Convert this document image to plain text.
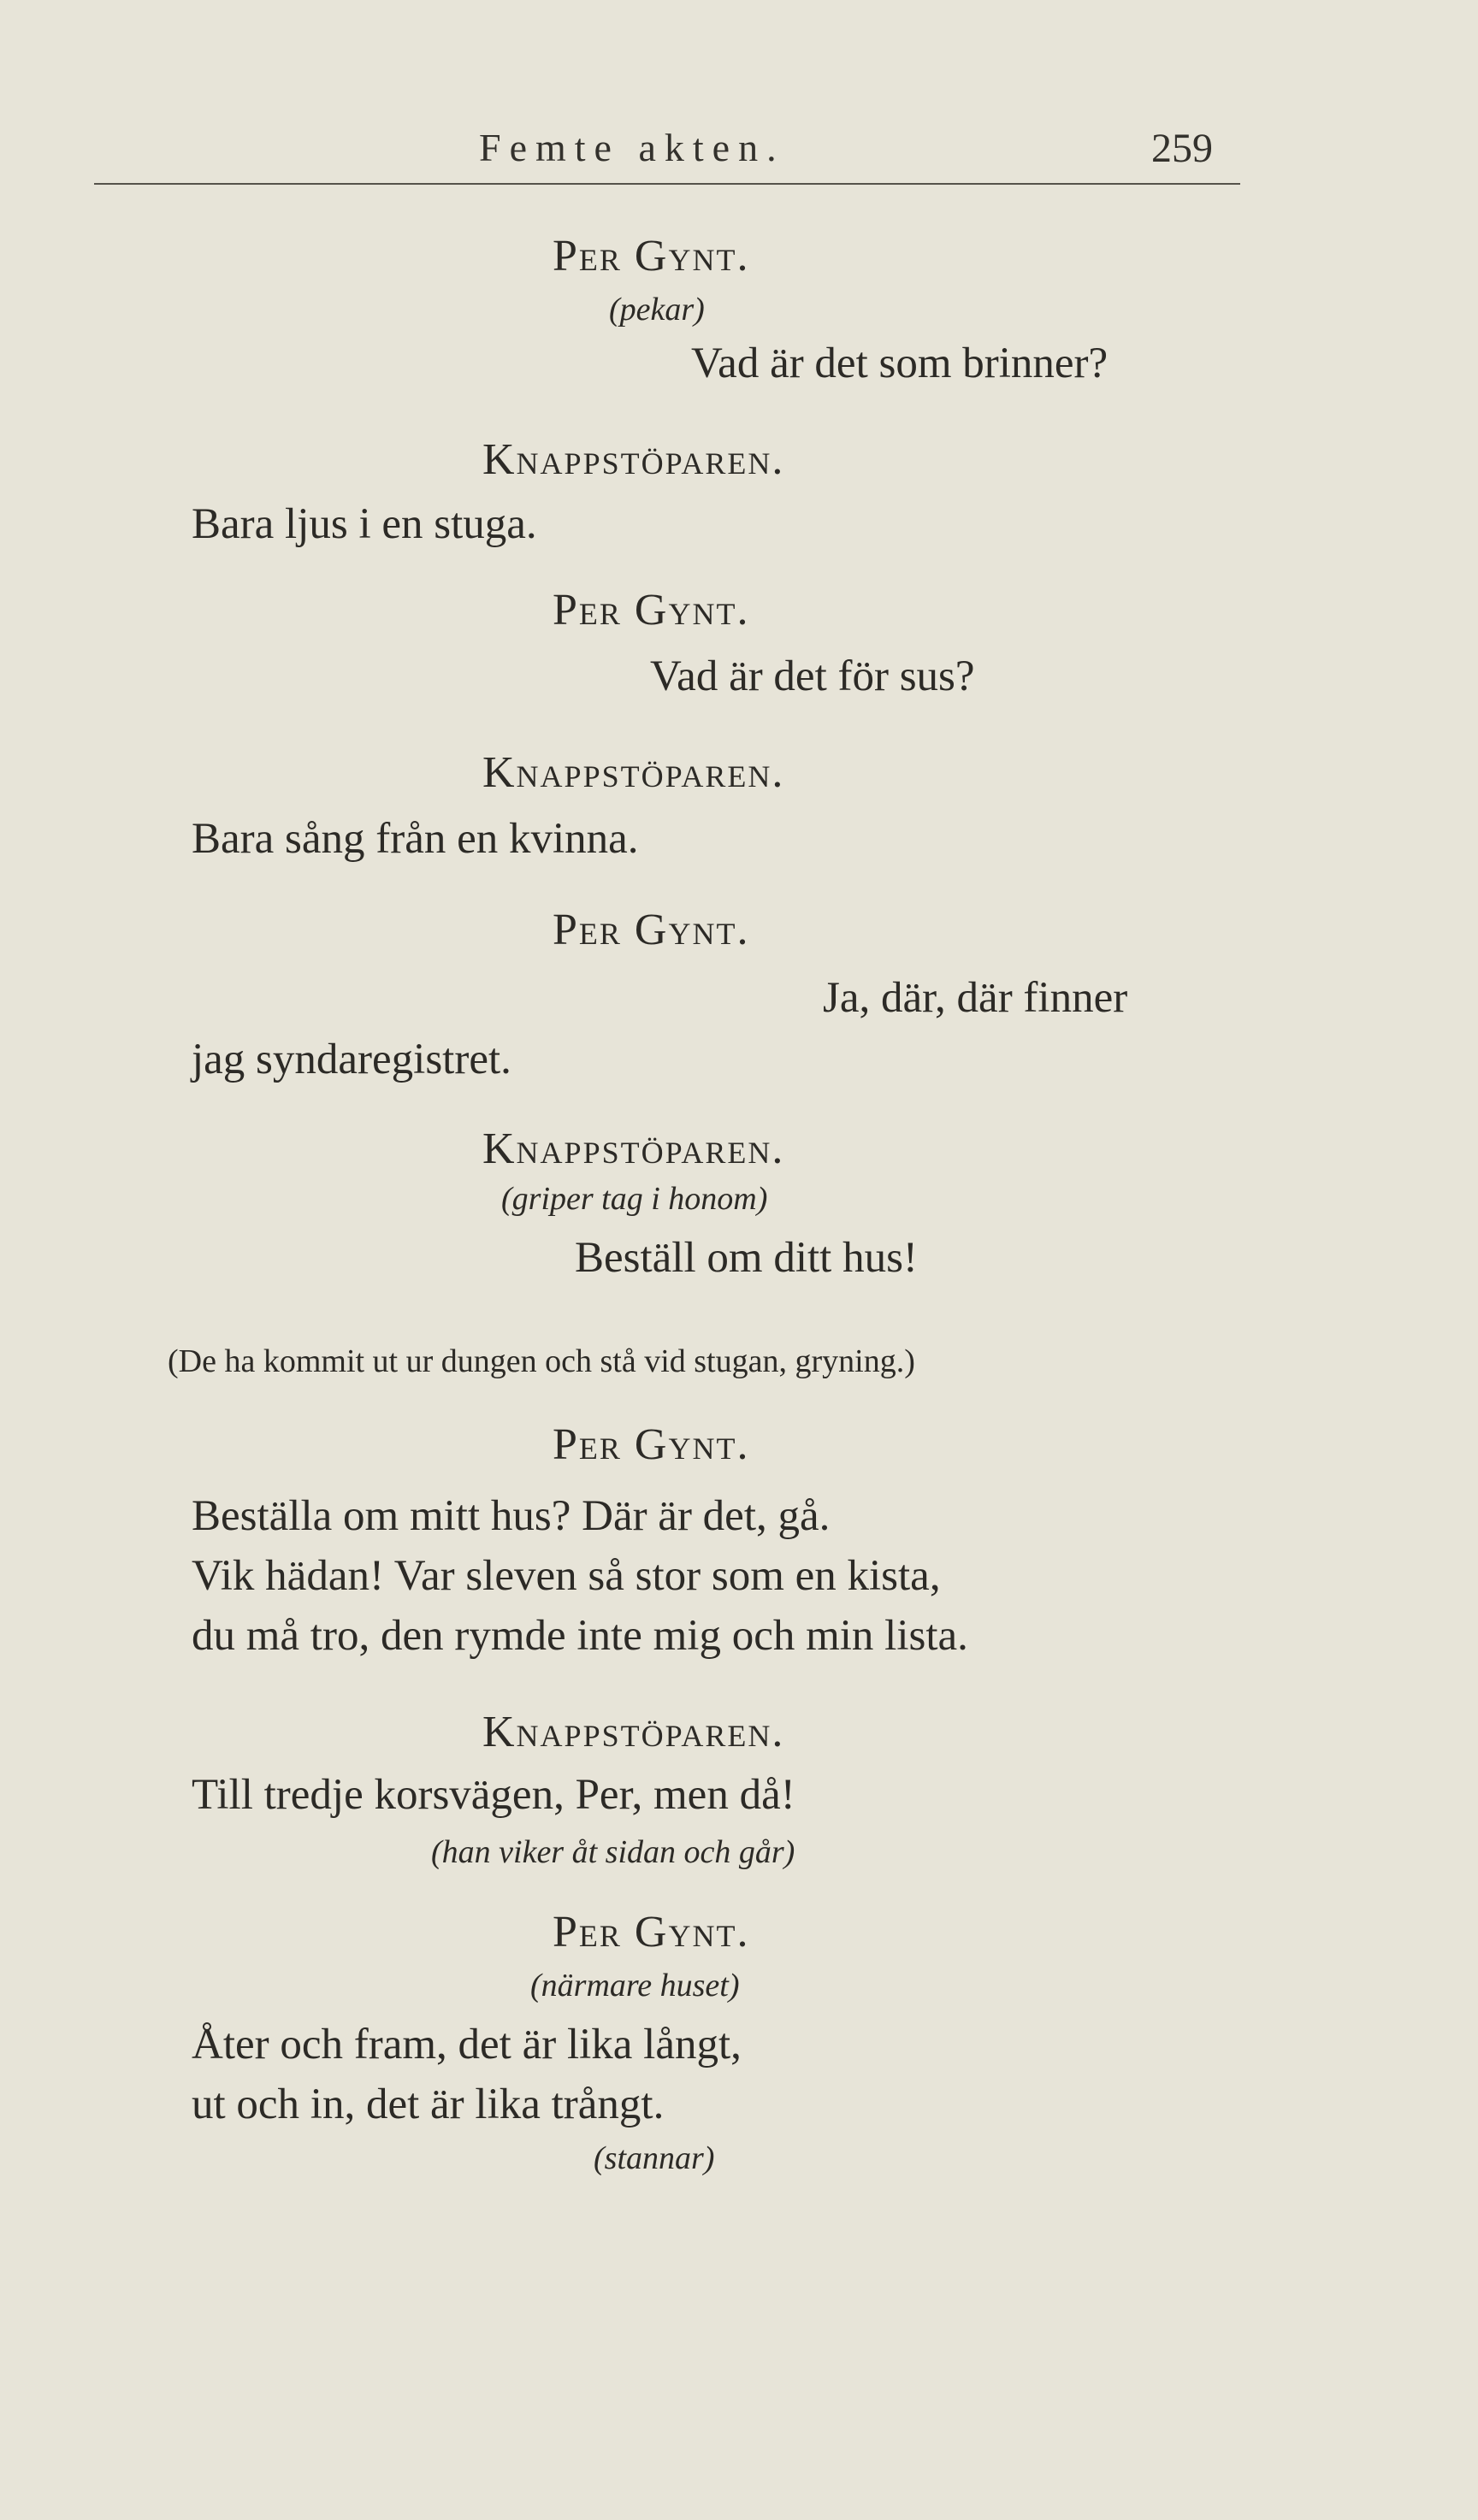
Femte akten.	259
Per Gynt.
(pekar)
Vad är det som brinner?
Knappstöparen.
Bara ljus i en stuga.
Per Gynt.
Vad är det för sus?
Knappstöparen.
Bara sång från en kvinna.
Per Gynt.
Ja, där, där finner
jag syndaregistret.
Knappstöparen.
(griper tag i honom)
Beställ om ditt hus!
(De ha kommit ut ur dungen och stå vid stugan, gryning.)
Per Gynt.
Beställa om mitt hus? Där är det, gå.
Vik hädan! Var sleven så stor som en kista,
du må tro, den rymde inte mig och min lista.
Knappstöparen.
Till tredje korsvägen, Per, men då!
(han viker åt sidan och går)
Per Gynt.
(närmare huset)
Åter och fram, det är lika långt,
ut och in, det är lika trångt.
(stannar)
